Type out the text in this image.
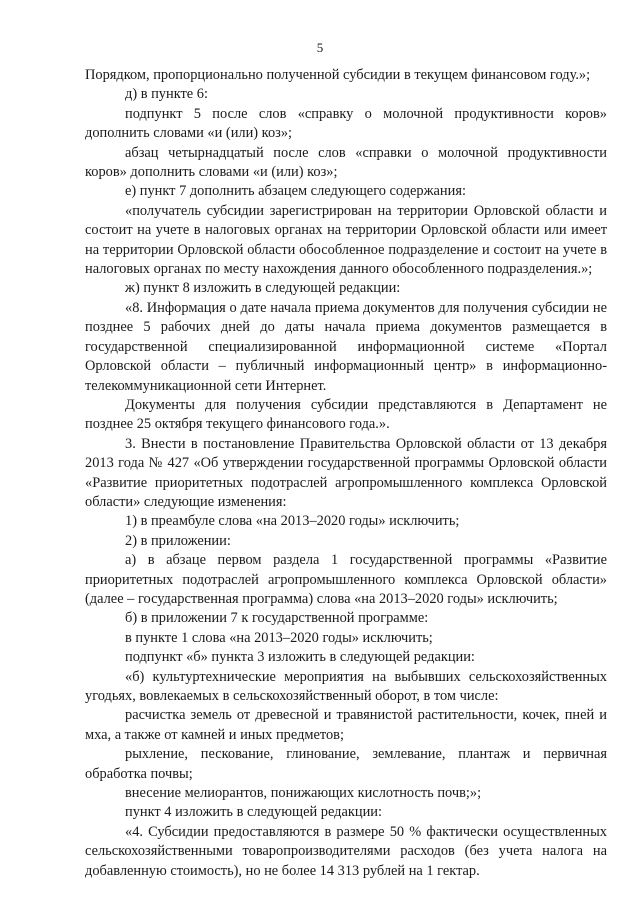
5

Порядком, пропорционально полученной субсидии в текущем финансовом году.»;

д) в пункте 6:

подпункт 5 после слов «справку о молочной продуктивности коров» дополнить словами «и (или) коз»;

абзац четырнадцатый после слов «справки о молочной продуктивности коров» дополнить словами «и (или) коз»;

е) пункт 7 дополнить абзацем следующего содержания:

«получатель субсидии зарегистрирован на территории Орловской области и состоит на учете в налоговых органах на территории Орловской области или имеет на территории Орловской области обособленное подразделение и состоит на учете в налоговых органах по месту нахождения данного обособленного подразделения.»;

ж) пункт 8 изложить в следующей редакции:

«8. Информация о дате начала приема документов для получения субсидии не позднее 5 рабочих дней до даты начала приема документов размещается в государственной специализированной информационной системе «Портал Орловской области – публичный информационный центр» в информационно-телекоммуникационной сети Интернет.

Документы для получения субсидии представляются в Департамент не позднее 25 октября текущего финансового года.».

3. Внести в постановление Правительства Орловской области от 13 декабря 2013 года № 427 «Об утверждении государственной программы Орловской области «Развитие приоритетных подотраслей агропромышленного комплекса Орловской области» следующие изменения:

1) в преамбуле слова «на 2013–2020 годы» исключить;

2) в приложении:

а) в абзаце первом раздела 1 государственной программы «Развитие приоритетных подотраслей агропромышленного комплекса Орловской области» (далее – государственная программа) слова «на 2013–2020 годы» исключить;

б) в приложении 7 к государственной программе:

в пункте 1 слова «на 2013–2020 годы» исключить;

подпункт «б» пункта 3 изложить в следующей редакции:

«б) культуртехнические мероприятия на выбывших сельскохозяйственных угодьях, вовлекаемых в сельскохозяйственный оборот, в том числе:

расчистка земель от древесной и травянистой растительности, кочек, пней и мха, а также от камней и иных предметов;

рыхление, пескование, глинование, землевание, плантаж и первичная обработка почвы;

внесение мелиорантов, понижающих кислотность почв;»;

пункт 4 изложить в следующей редакции:

«4. Субсидии предоставляются в размере 50 % фактически осуществленных сельскохозяйственными товаропроизводителями расходов (без учета налога на добавленную стоимость), но не более 14 313 рублей на 1 гектар.
